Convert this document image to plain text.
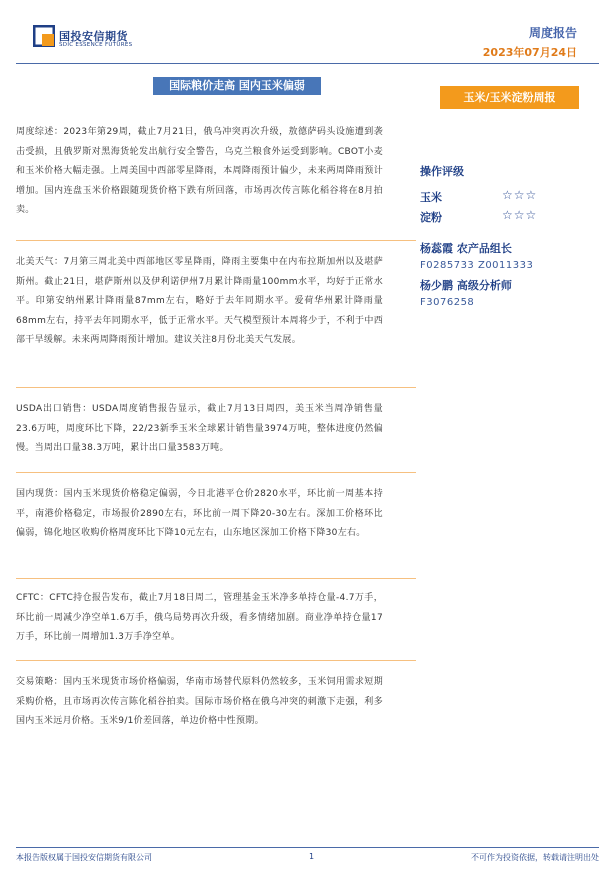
国投安信期货
SDIC ESSENCE FUTURES
周度报告
2023年07月24日
国际粮价走高 国内玉米偏弱
玉米/玉米淀粉周报
周度综述：2023年第29周，截止7月21日，俄乌冲突再次升级，敖德萨码头设施遭到袭击受损，且俄罗斯对黑海货轮发出航行安全警告，乌克兰粮食外运受到影响。CBOT小麦和玉米价格大幅走强。上周美国中西部零星降雨，本周降雨预计偏少，未来两周降雨预计增加。国内连盘玉米价格跟随现货价格下跌有所回落，市场再次传言陈化稻谷将在8月拍卖。
北美天气：7月第三周北美中西部地区零星降雨，降雨主要集中在内布拉斯加州以及堪萨斯州。截止21日，堪萨斯州以及伊利诺伊州7月累计降雨量100mm水平，均好于正常水平。印第安纳州累计降雨量87mm左右，略好于去年同期水平。爱荷华州累计降雨量68mm左右，持平去年同期水平，低于正常水平。天气模型预计本周将少于，不利于中西部干旱缓解。未来两周降雨预计增加。建议关注8月份北美天气发展。
USDA出口销售：USDA周度销售报告显示，截止7月13日周四，美玉米当周净销售量23.6万吨，周度环比下降，22/23新季玉米全球累计销售量3974万吨，整体进度仍然偏慢。当周出口量38.3万吨，累计出口量3583万吨。
国内现货：国内玉米现货价格稳定偏弱，今日北港平仓价2820水平，环比前一周基本持平，南港价格稳定，市场报价2890左右，环比前一周下降20-30左右。深加工价格环比偏弱，锦化地区收购价格周度环比下降10元左右，山东地区深加工价格下降30左右。
CFTC：CFTC持仓报告发布，截止7月18日周二，管理基金玉米净多单持仓量-4.7万手，环比前一周减少净空单1.6万手，俄乌局势再次升级，看多情绪加剧。商业净单持仓量17万手，环比前一周增加1.3万手净空单。
交易策略：国内玉米现货市场价格偏弱，华南市场替代原料仍然较多，玉米饲用需求短期采购价格，且市场再次传言陈化稻谷拍卖。国际市场价格在俄乌冲突的刺激下走强，利多国内玉米远月价格。玉米9/1价差回落，单边价格中性预期。
操作评级
玉米	☆☆☆
淀粉	☆☆☆
杨蕊霞 农产品组长
F0285733 Z0011333
杨少鹏 高级分析师
F3076258
本报告版权属于国投安信期货有限公司	1	不可作为投资依据，转载请注明出处
